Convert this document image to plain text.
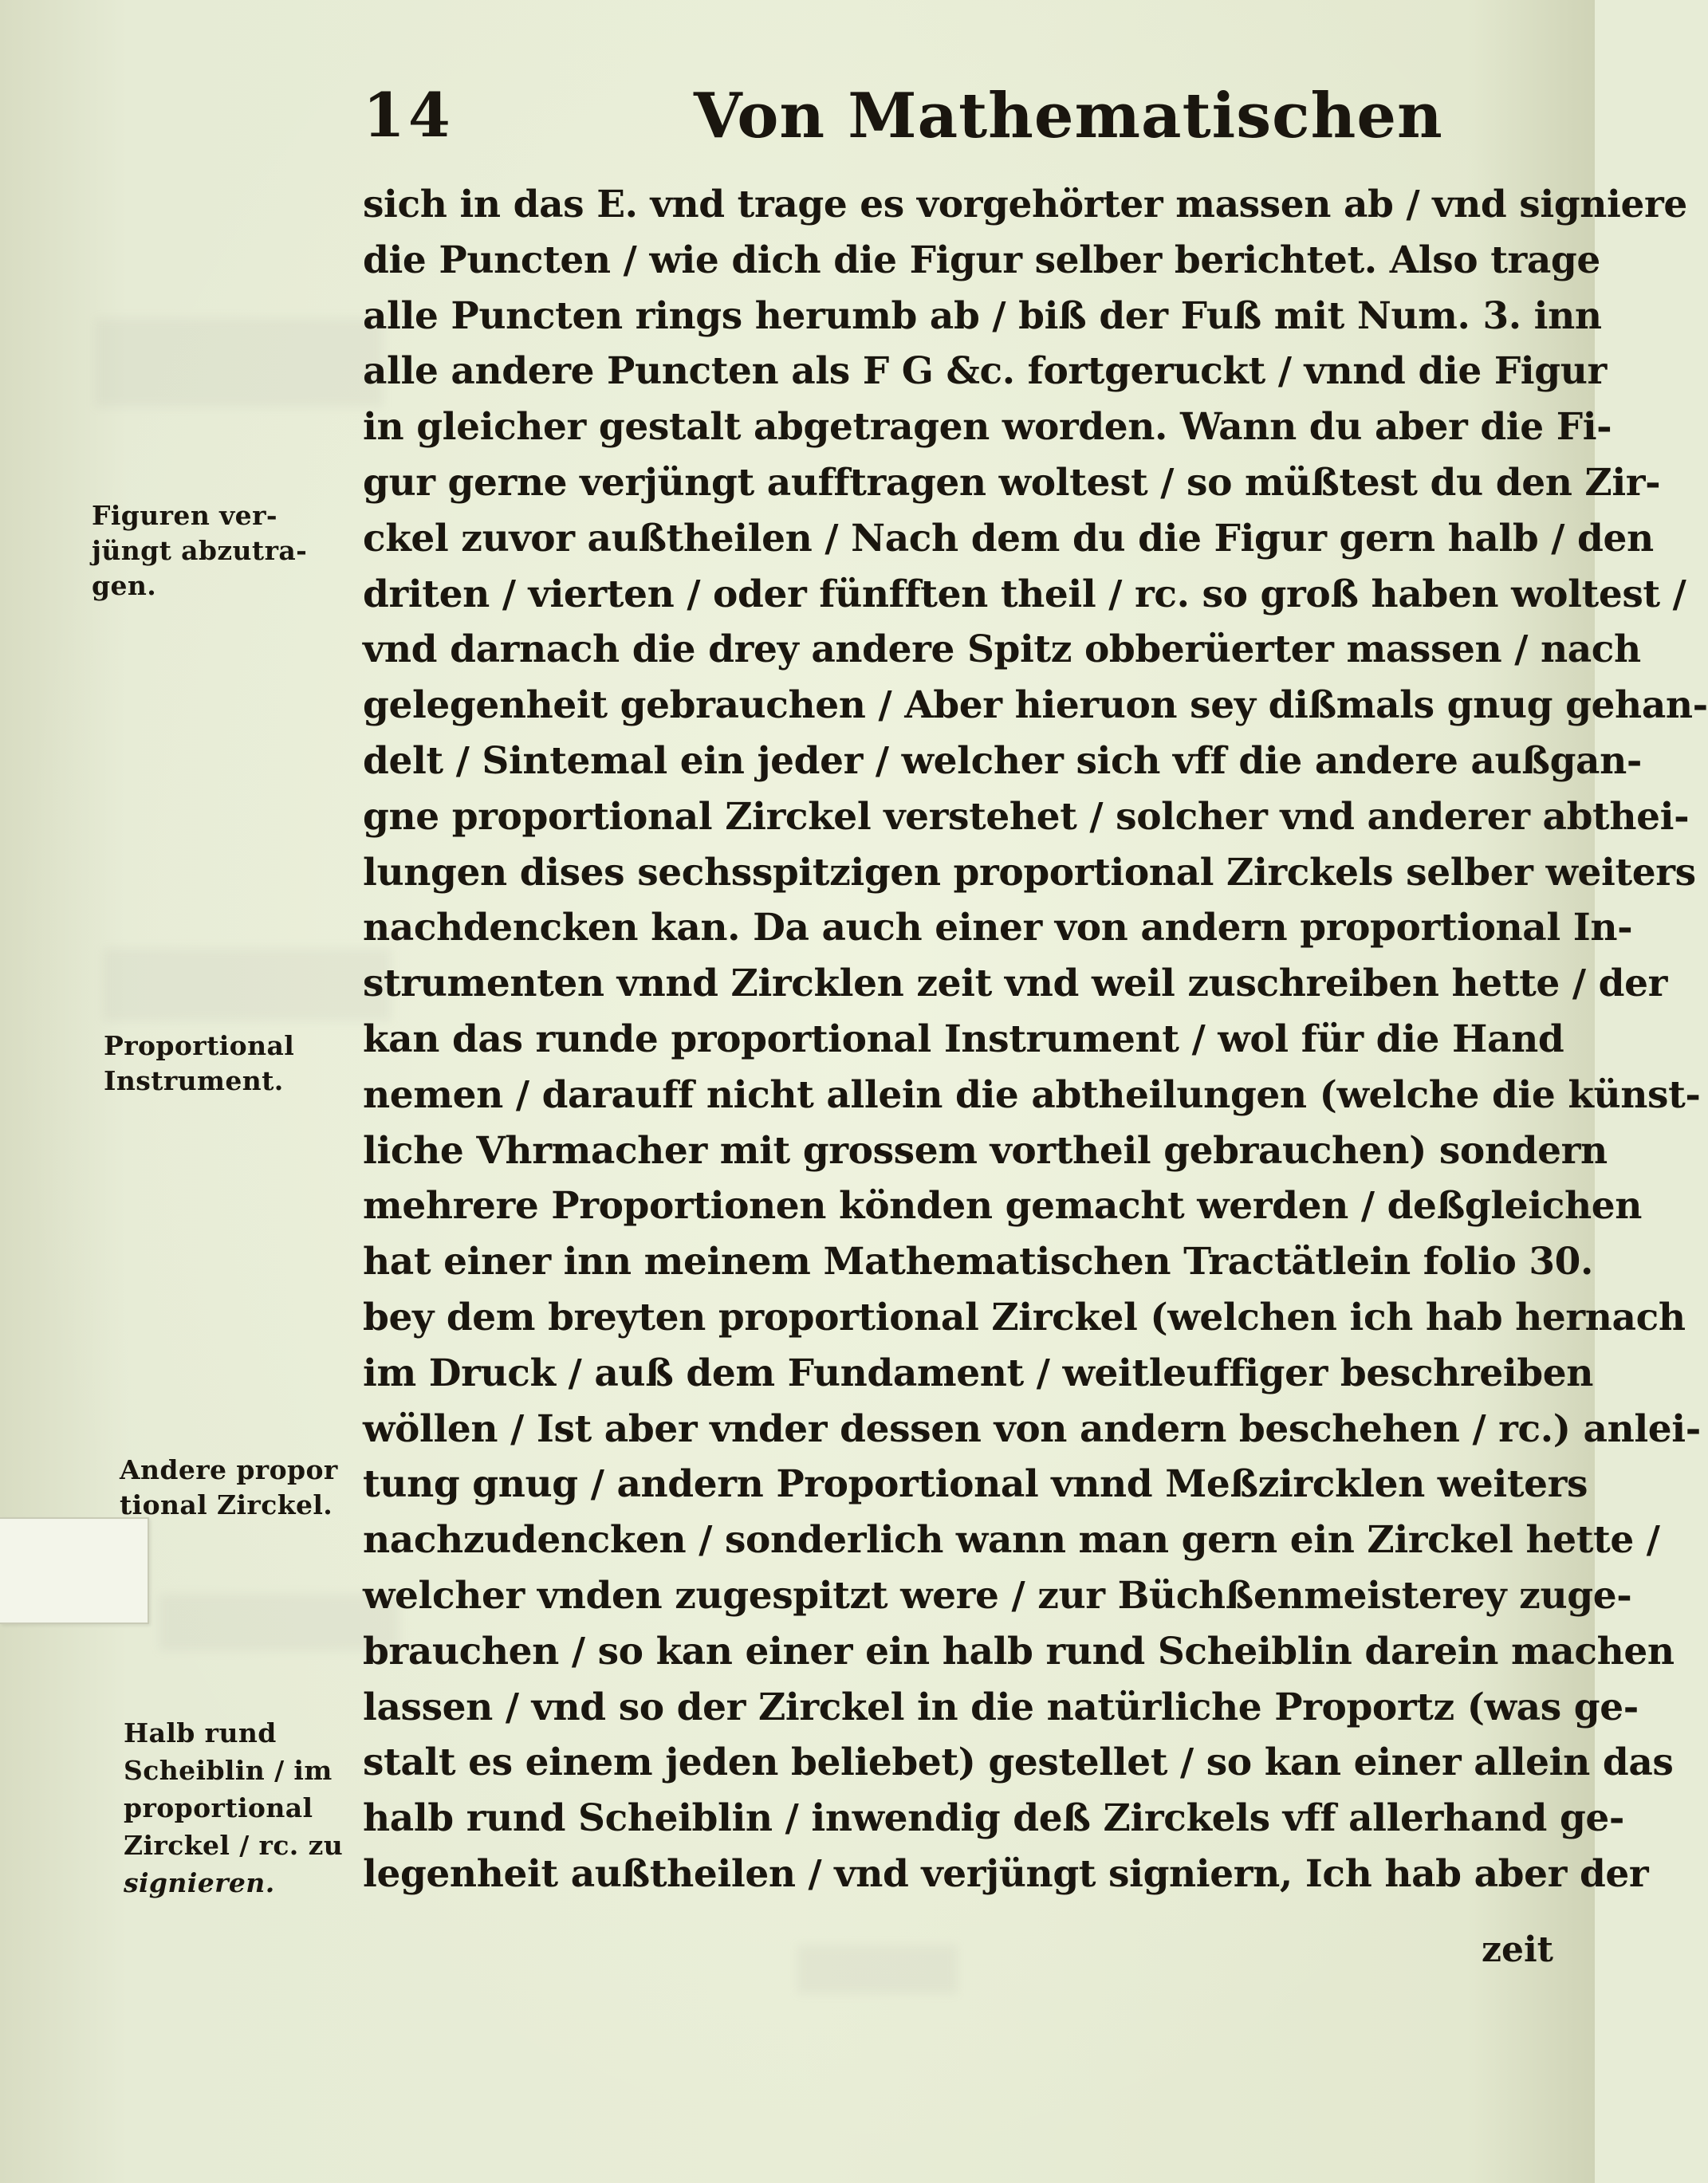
14	Von Mathematischen
sich in das E. vnd trage es vorgehörter massen ab / vnd signiere
die Puncten / wie dich die Figur selber berichtet. Also trage
alle Puncten rings herumb ab / biß der Fuß mit Num. 3. inn
alle andere Puncten als F G &c. fortgeruckt / vnnd die Figur
in gleicher gestalt abgetragen worden. Wann du aber die Fi-
gur gerne verjüngt aufftragen woltest / so müßtest du den Zir-
ckel zuvor außtheilen / Nach dem du die Figur gern halb / den
driten / vierten / oder fünfften theil / rc. so groß haben woltest /
vnd darnach die drey andere Spitz obberüerter massen / nach
gelegenheit gebrauchen / Aber hieruon sey dißmals gnug gehan-
delt / Sintemal ein jeder / welcher sich vff die andere außgan-
gne proportional Zirckel verstehet / solcher vnd anderer abthei-
lungen dises sechsspitzigen proportional Zirckels selber weiters
nachdencken kan. Da auch einer von andern proportional In-
strumenten vnnd Zircklen zeit vnd weil zuschreiben hette / der
kan das runde proportional Instrument / wol für die Hand
nemen / darauff nicht allein die abtheilungen (welche die künst-
liche Vhrmacher mit grossem vortheil gebrauchen) sondern
mehrere Proportionen könden gemacht werden / deßgleichen
hat einer inn meinem Mathematischen Tractätlein folio 30.
bey dem breyten proportional Zirckel (welchen ich hab hernach
im Druck / auß dem Fundament / weitleuffiger beschreiben
wöllen / Ist aber vnder dessen von andern beschehen / rc.) anlei-
tung gnug / andern Proportional vnnd Meßzircklen weiters
nachzudencken / sonderlich wann man gern ein Zirckel hette /
welcher vnden zugespitzt were / zur Büchßenmeisterey zuge-
brauchen / so kan einer ein halb rund Scheiblin darein machen
lassen / vnd so der Zirckel in die natürliche Proportz (was ge-
stalt es einem jeden beliebet) gestellet / so kan einer allein das
halb rund Scheiblin / inwendig deß Zirckels vff allerhand ge-
legenheit außtheilen / vnd verjüngt signiern, Ich hab aber der
Figuren ver-
jüngt abzutra-
gen.
Proportional
Instrument.
Andere propor
tional Zirckel.
Halb rund
Scheiblin / im
proportional
Zirckel / rc. zu
signieren.
zeit
